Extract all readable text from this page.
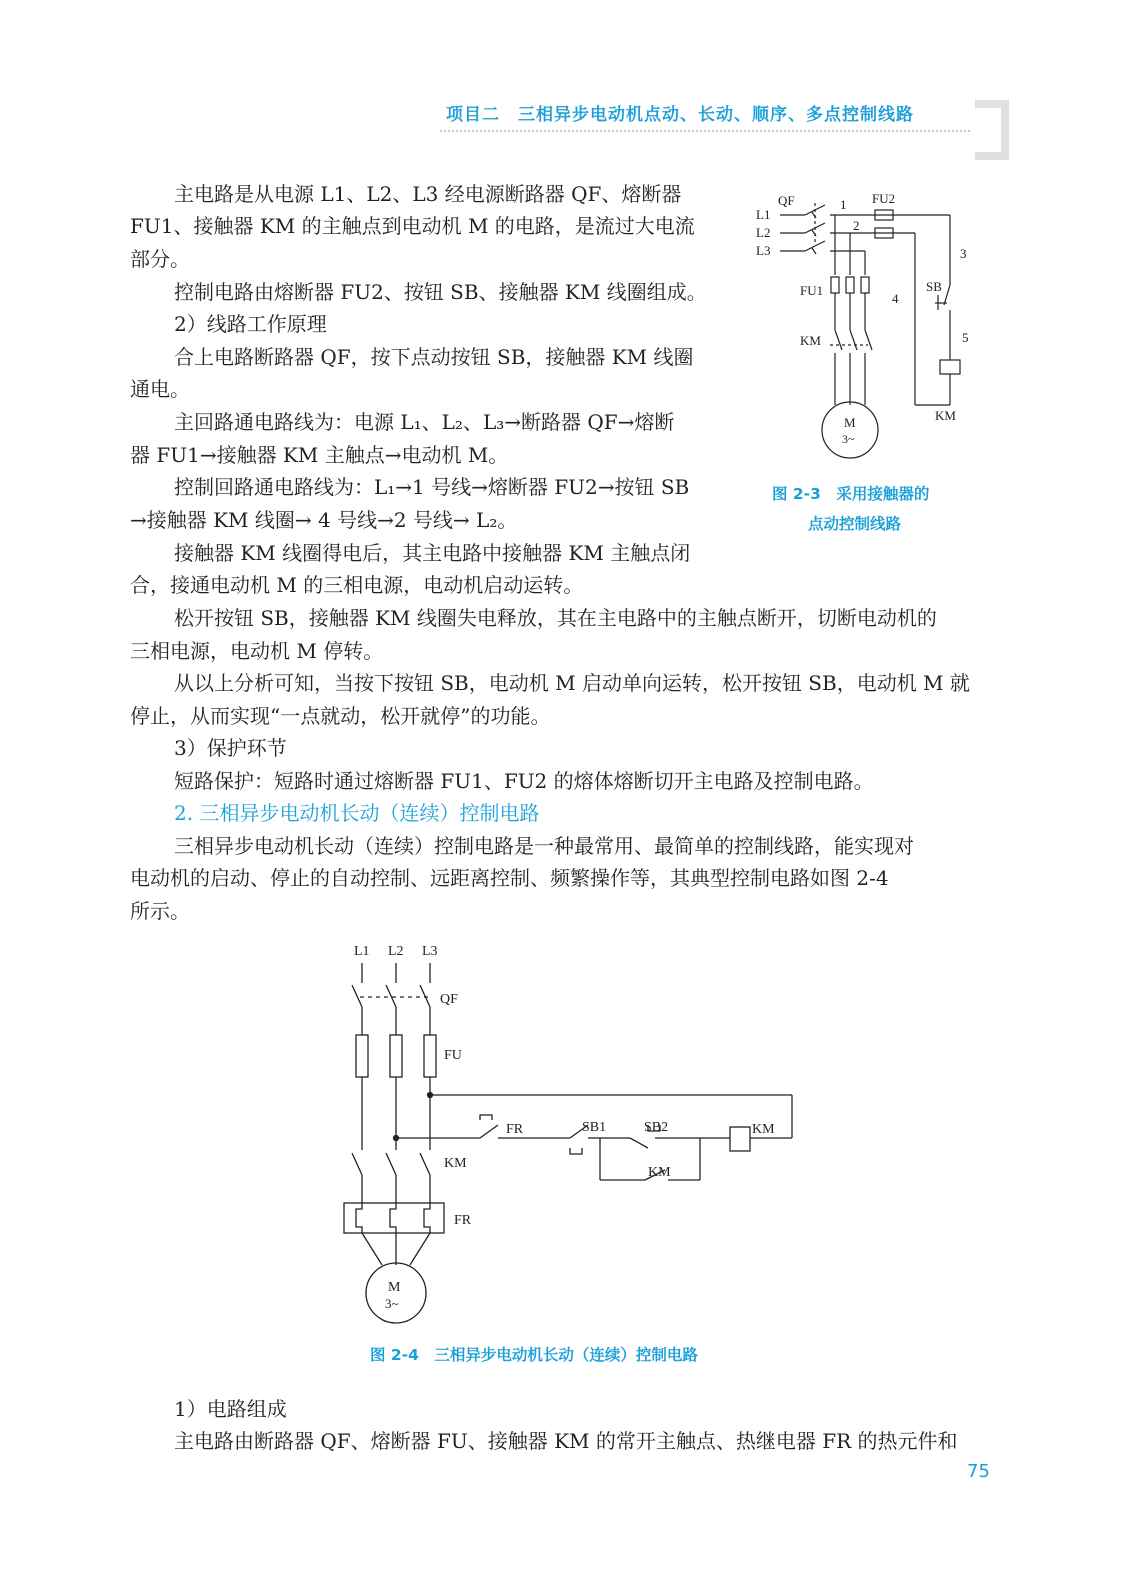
项目二　三相异步电动机点动、长动、顺序、多点控制线路
主电路是从电源 L1、L2、L3 经电源断路器 QF、熔断器
FU1、接触器 KM 的主触点到电动机 M 的电路，是流过大电流
部分。
控制电路由熔断器 FU2、按钮 SB、接触器 KM 线圈组成。
2）线路工作原理
合上电路断路器 QF，按下点动按钮 SB，接触器 KM 线圈
通电。
主回路通电路线为：电源 L₁、L₂、L₃→断路器 QF→熔断
器 FU1→接触器 KM 主触点→电动机 M。
控制回路通电路线为：L₁→1 号线→熔断器 FU2→按钮 SB
→接触器 KM 线圈→ 4 号线→2 号线→ L₂。
接触器 KM 线圈得电后，其主电路中接触器 KM 主触点闭
合，接通电动机 M 的三相电源，电动机启动运转。
松开按钮 SB，接触器 KM 线圈失电释放，其在主电路中的主触点断开，切断电动机的
三相电源，电动机 M 停转。
从以上分析可知，当按下按钮 SB，电动机 M 启动单向运转，松开按钮 SB，电动机 M 就
停止，从而实现“一点就动，松开就停”的功能。
3）保护环节
短路保护：短路时通过熔断器 FU1、FU2 的熔体熔断切开主电路及控制电路。
2. 三相异步电动机长动（连续）控制电路
三相异步电动机长动（连续）控制电路是一种最常用、最简单的控制线路，能实现对
电动机的启动、停止的自动控制、远距离控制、频繁操作等，其典型控制电路如图 2-4
所示。
1）电路组成
主电路由断路器 QF、熔断器 FU、接触器 KM 的常开主触点、热继电器 FR 的热元件和
QF	1 FU2
2
3
L1
L2
L3
FU1
4
SB
KM	5
KM
M
3~
图 2-3　采用接触器的
点动控制线路
L1 L2 L3
QF
FU
FR	SB1	SB2	KM
KM
KM
FR
M
3~
图 2-4　三相异步电动机长动（连续）控制电路
75
